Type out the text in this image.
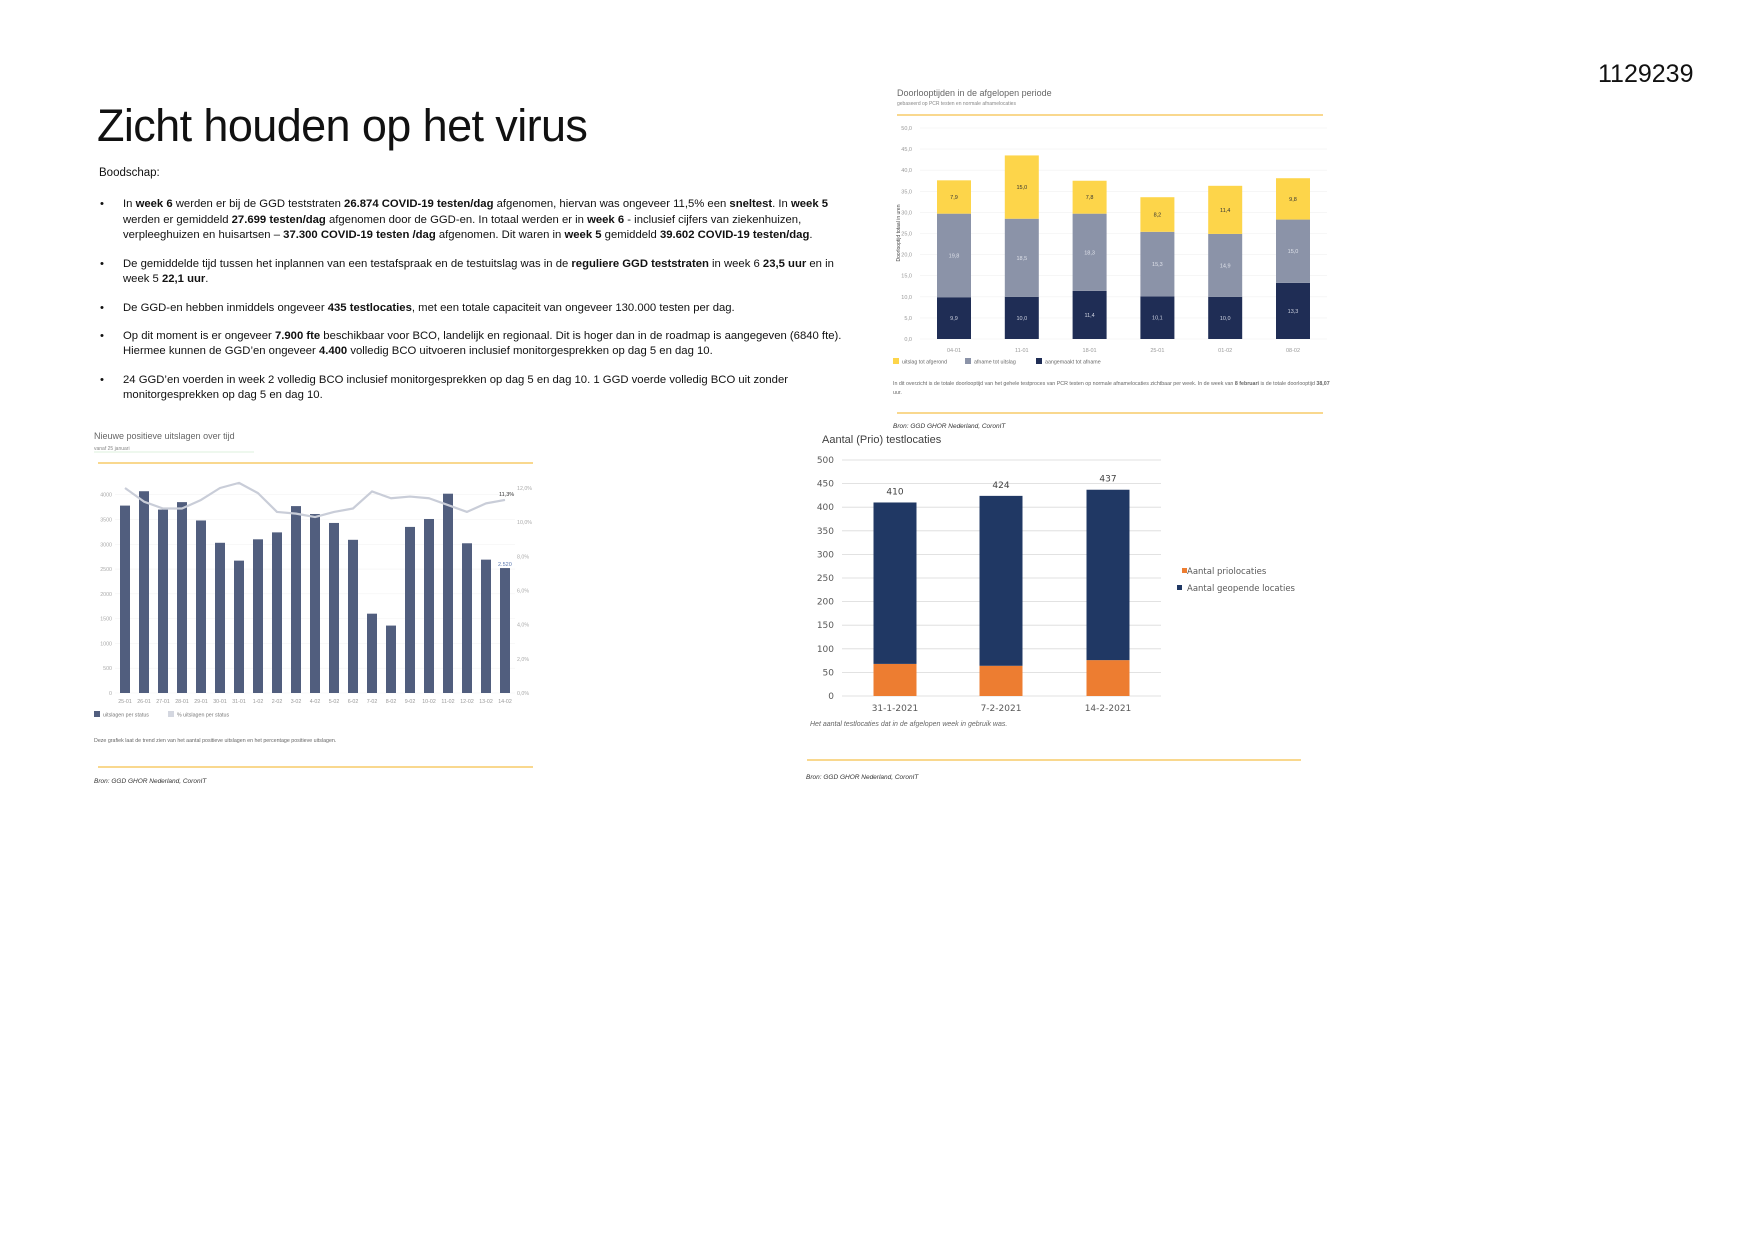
1129239
Zicht houden op het virus
Boodschap:
• In week 6 werden er bij de GGD teststraten 26.874 COVID-19 testen/dag afgenomen, hiervan was ongeveer 11,5% een sneltest. In week 5 werden er gemiddeld 27.699 testen/dag afgenomen door de GGD-en. In totaal werden er in week 6 - inclusief cijfers van ziekenhuizen, verpleeghuizen en huisartsen – 37.300 COVID-19 testen /dag afgenomen. Dit waren in week 5 gemiddeld 39.602 COVID-19 testen/dag.
• De gemiddelde tijd tussen het inplannen van een testafspraak en de testuitslag was in de reguliere GGD teststraten in week 6 23,5 uur en in week 5 22,1 uur.
• De GGD-en hebben inmiddels ongeveer 435 testlocaties, met een totale capaciteit van ongeveer 130.000 testen per dag.
• Op dit moment is er ongeveer 7.900 fte beschikbaar voor BCO, landelijk en regionaal. Dit is hoger dan in de roadmap is aangegeven (6840 fte). Hiermee kunnen de GGD’en ongeveer 4.400 volledig BCO uitvoeren inclusief monitorgesprekken op dag 5 en dag 10.
• 24 GGD’en voerden in week 2 volledig BCO inclusief monitorgesprekken op dag 5 en dag 10. 1 GGD voerde volledig BCO uit zonder monitorgesprekken op dag 5 en dag 10.
Doorlooptijden in de afgelopen periode
gebaseerd op PCR testen en normale afnamelocaties
In dit overzicht is de totale doorlooptijd van het gehele testproces van PCR testen op normale afnamelocaties zichtbaar per week. In de week van 8 februari is de totale doorlooptijd 38,07 uur.
Bron: GGD GHOR Nederland, CoronIT
Nieuwe positieve uitslagen over tijd
vanaf 25 januari
Deze grafiek laat de trend zien van het aantal positieve uitslagen en het percentage positieve uitslagen.
Bron: GGD GHOR Nederland, CoronIT
Aantal (Prio) testlocaties
Het aantal testlocaties dat in de afgelopen week in gebruik was.
Bron: GGD GHOR Nederland, CoronIT
0,0
5,0
10,0
15,0
20,0
25,0
30,0
35,0
40,0
45,0
50,0
Doorlooptijd totaal in uren
9,9
19,8
7,9
04-01
10,0
18,5
15,0
11-01
11,4
18,3
7,8
18-01
10,1
15,3
8,2
25-01
10,0
14,9
11,4
01-02
13,3
15,0
9,8
08-02
uitslag tot afgerond	afname tot uitslag	aangemaakt tot afname
0
500
1000
1500
2000
2500
3000
3500
4000
0,0%
2,0%
4,0%
6,0%
8,0%
10,0%
12,0%
25-01 26-01 27-01 28-01 29-01 30-01 31-01 1-02 2-02 3-02 4-02 5-02 6-02 7-02 8-02 9-02 10-02 11-02 12-02 13-02 14-02
11,3%
2.520
uitslagen per status	% uitslagen per status
0
50
100
150
200
250
300
350
400
450
500
410
31-1-2021
424
7-2-2021
437
14-2-2021
Aantal priolocaties
Aantal geopende locaties
